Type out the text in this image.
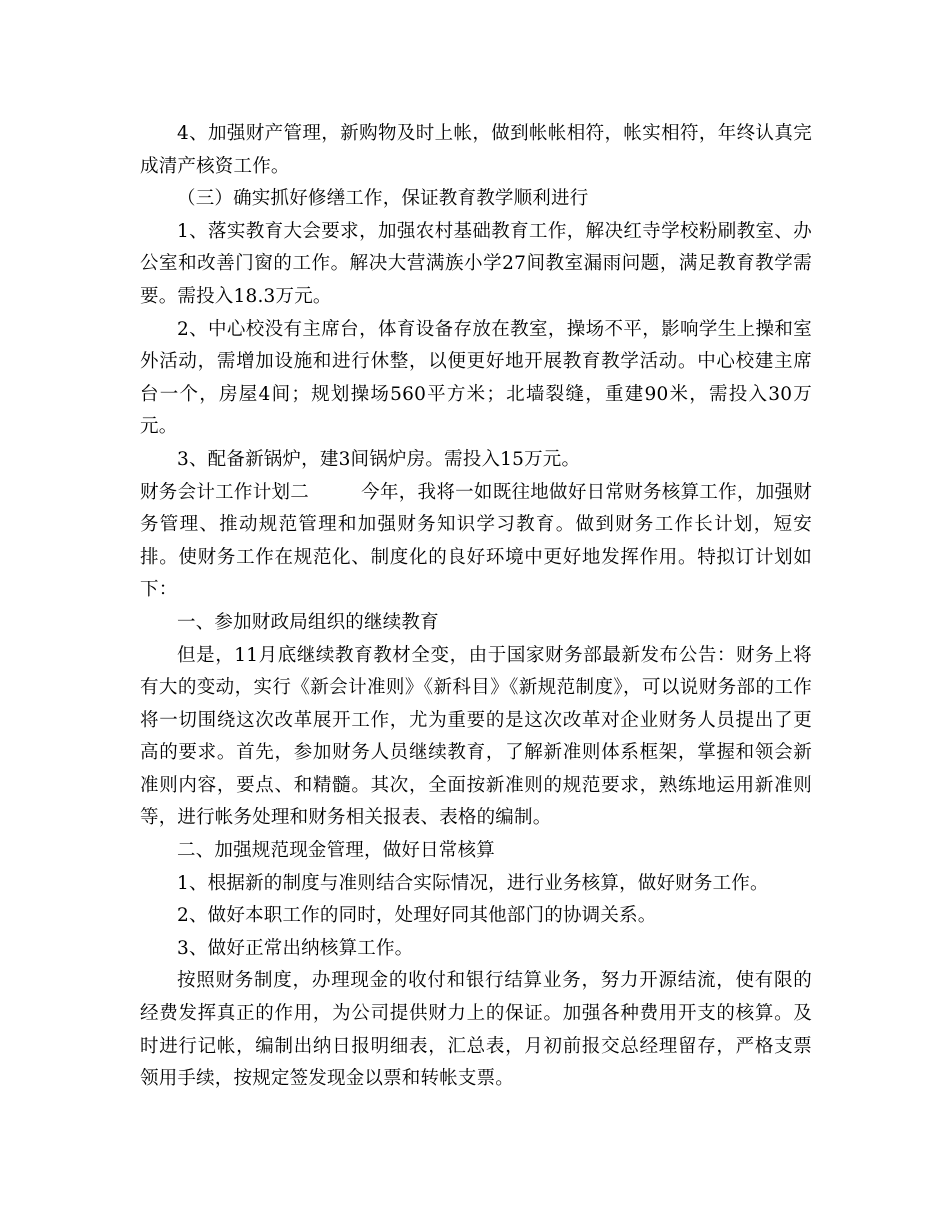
4、加强财产管理，新购物及时上帐，做到帐帐相符，帐实相符，年终认真完成清产核资工作。

（三）确实抓好修缮工作，保证教育教学顺利进行

1、落实教育大会要求，加强农村基础教育工作，解决红寺学校粉刷教室、办公室和改善门窗的工作。解决大营满族小学27间教室漏雨问题，满足教育教学需要。需投入18.3万元。

2、中心校没有主席台，体育设备存放在教室，操场不平，影响学生上操和室外活动，需增加设施和进行休整，以便更好地开展教育教学活动。中心校建主席台一个，房屋4间；规划操场560平方米；北墙裂缝，重建90米，需投入30万元。

3、配备新锅炉，建3间锅炉房。需投入15万元。

财务会计工作计划二	今年，我将一如既往地做好日常财务核算工作，加强财务管理、推动规范管理和加强财务知识学习教育。做到财务工作长计划，短安排。使财务工作在规范化、制度化的良好环境中更好地发挥作用。特拟订计划如下：

一、参加财政局组织的继续教育

但是，11月底继续教育教材全变，由于国家财务部最新发布公告：财务上将有大的变动，实行《新会计准则》《新科目》《新规范制度》，可以说财务部的工作将一切围绕这次改革展开工作，尤为重要的是这次改革对企业财务人员提出了更高的要求。首先，参加财务人员继续教育，了解新准则体系框架，掌握和领会新准则内容，要点、和精髓。其次，全面按新准则的规范要求，熟练地运用新准则等，进行帐务处理和财务相关报表、表格的编制。

二、加强规范现金管理，做好日常核算

1、根据新的制度与准则结合实际情况，进行业务核算，做好财务工作。

2、做好本职工作的同时，处理好同其他部门的协调关系。

3、做好正常出纳核算工作。

按照财务制度，办理现金的收付和银行结算业务，努力开源结流，使有限的经费发挥真正的作用，为公司提供财力上的保证。加强各种费用开支的核算。及时进行记帐，编制出纳日报明细表，汇总表，月初前报交总经理留存，严格支票领用手续，按规定签发现金以票和转帐支票。
